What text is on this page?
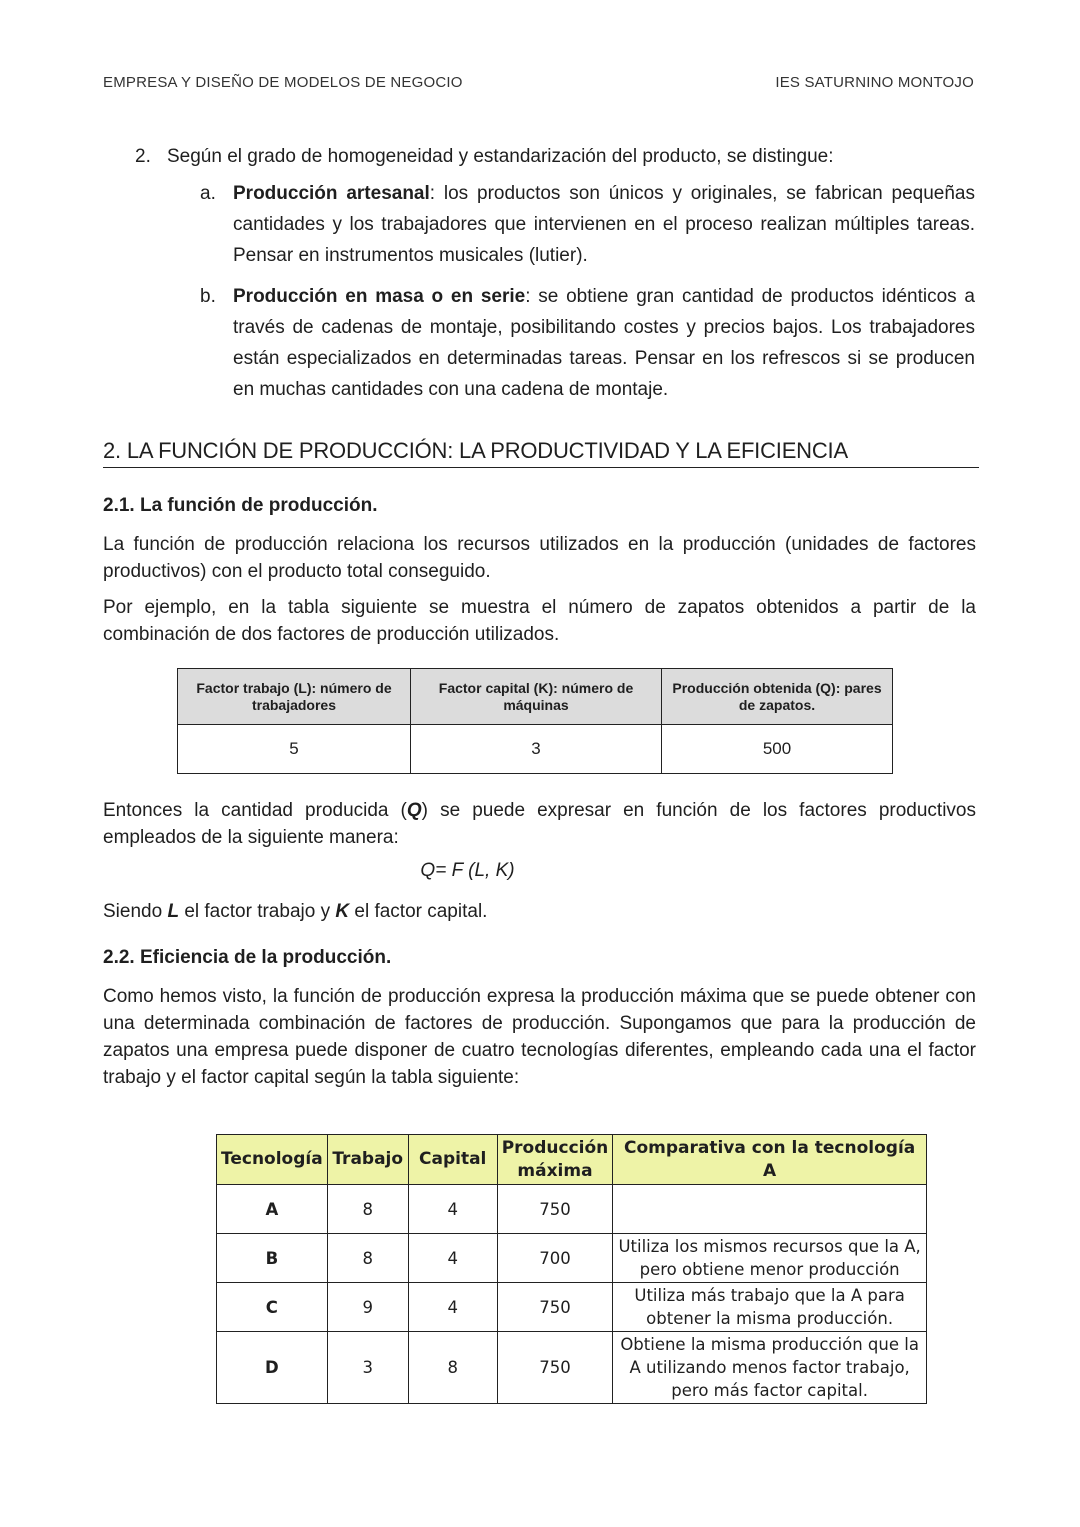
EMPRESA Y DISEÑO DE MODELOS DE NEGOCIO	IES SATURNINO MONTOJO
2. Según el grado de homogeneidad y estandarización del producto, se distingue:
a. Producción artesanal: los productos son únicos y originales, se fabrican pequeñas cantidades y los trabajadores que intervienen en el proceso realizan múltiples tareas. Pensar en instrumentos musicales (lutier).
b. Producción en masa o en serie: se obtiene gran cantidad de productos idénticos a través de cadenas de montaje, posibilitando costes y precios bajos. Los trabajadores están especializados en determinadas tareas. Pensar en los refrescos si se producen en muchas cantidades con una cadena de montaje.
2. LA FUNCIÓN DE PRODUCCIÓN: LA PRODUCTIVIDAD Y LA EFICIENCIA
2.1. La función de producción.
La función de producción relaciona los recursos utilizados en la producción (unidades de factores productivos) con el producto total conseguido.
Por ejemplo, en la tabla siguiente se muestra el número de zapatos obtenidos a partir de la combinación de dos factores de producción utilizados.
Factor trabajo (L): número de trabajadores	Factor capital (K): número de máquinas	Producción obtenida (Q): pares de zapatos.
5	3	500
Entonces la cantidad producida (Q) se puede expresar en función de los factores productivos empleados de la siguiente manera:
Q= F (L, K)
Siendo L el factor trabajo y K el factor capital.
2.2. Eficiencia de la producción.
Como hemos visto, la función de producción expresa la producción máxima que se puede obtener con una determinada combinación de factores de producción. Supongamos que para la producción de zapatos una empresa puede disponer de cuatro tecnologías diferentes, empleando cada una el factor trabajo y el factor capital según la tabla siguiente:
Tecnología	Trabajo	Capital	Producción máxima	Comparativa con la tecnología A
A	8	4	750	
B	8	4	700	Utiliza los mismos recursos que la A, pero obtiene menor producción
C	9	4	750	Utiliza más trabajo que la A para obtener la misma producción.
D	3	8	750	Obtiene la misma producción que la A utilizando menos factor trabajo, pero más factor capital.
